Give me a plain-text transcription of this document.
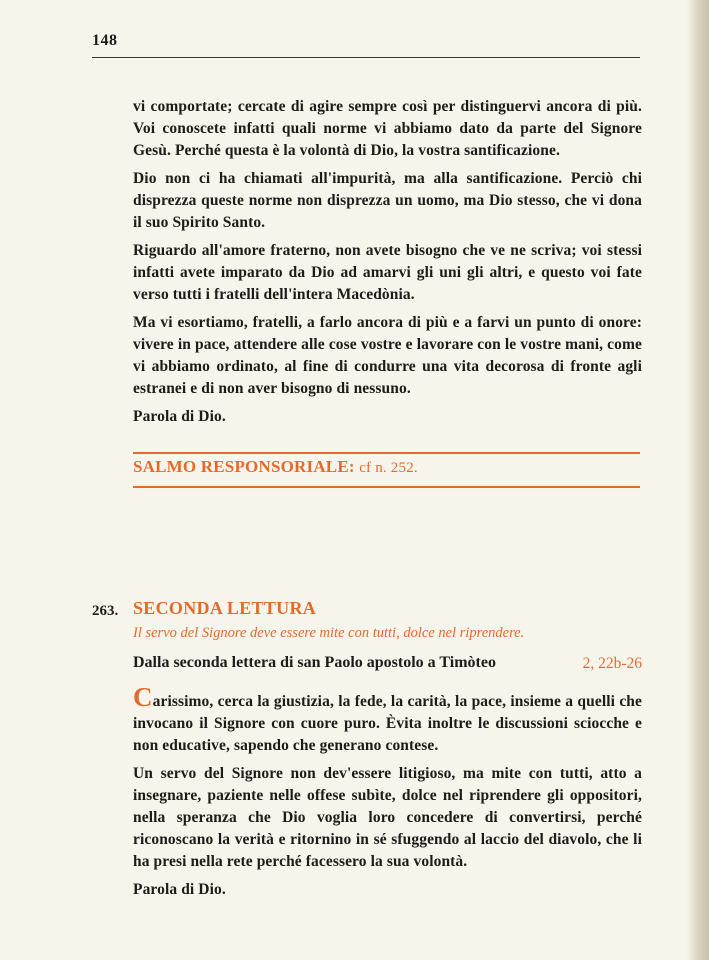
148

vi comportate; cercate di agire sempre così per distinguervi ancora di più. Voi conoscete infatti quali norme vi abbiamo dato da parte del Signore Gesù. Perché questa è la volontà di Dio, la vostra santificazione.

Dio non ci ha chiamati all'impurità, ma alla santificazione. Perciò chi disprezza queste norme non disprezza un uomo, ma Dio stesso, che vi dona il suo Spirito Santo.

Riguardo all'amore fraterno, non avete bisogno che ve ne scriva; voi stessi infatti avete imparato da Dio ad amarvi gli uni gli altri, e questo voi fate verso tutti i fratelli dell'intera Macedònia.

Ma vi esortiamo, fratelli, a farlo ancora di più e a farvi un punto di onore: vivere in pace, attendere alle cose vostre e lavorare con le vostre mani, come vi abbiamo ordinato, al fine di condurre una vita decorosa di fronte agli estranei e di non aver bisogno di nessuno.

Parola di Dio.

SALMO RESPONSORIALE: cf n. 252.
263. SECONDA LETTURA
Il servo del Signore deve essere mite con tutti, dolce nel riprendere.
Dalla seconda lettera di san Paolo apostolo a Timòteo	2, 22b-26

Carissimo, cerca la giustizia, la fede, la carità, la pace, insieme a quelli che invocano il Signore con cuore puro. Èvita inoltre le discussioni sciocche e non educative, sapendo che generano contese.

Un servo del Signore non dev'essere litigioso, ma mite con tutti, atto a insegnare, paziente nelle offese subìte, dolce nel riprendere gli oppositori, nella speranza che Dio voglia loro concedere di convertirsi, perché riconoscano la verità e ritornino in sé sfuggendo al laccio del diavolo, che li ha presi nella rete perché facessero la sua volontà.

Parola di Dio.
